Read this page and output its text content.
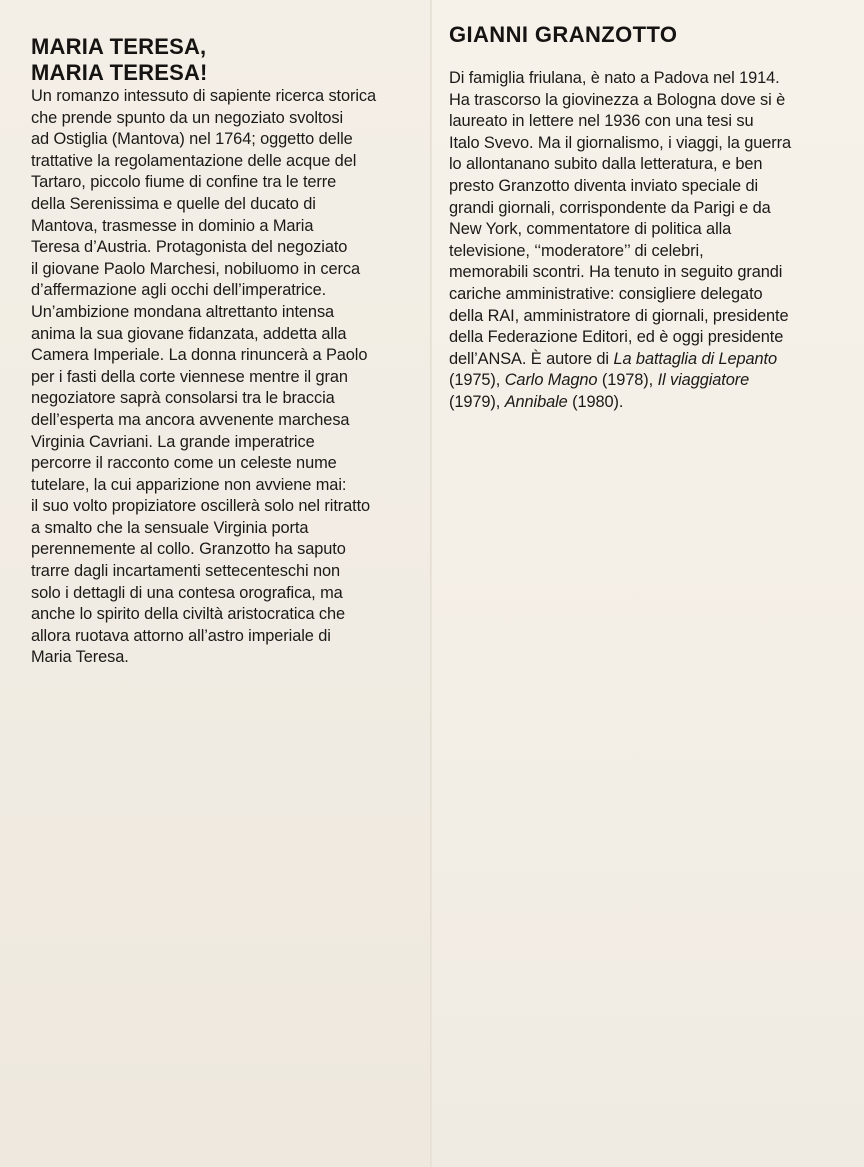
MARIA TERESA,
MARIA TERESA!

Un romanzo intessuto di sapiente ricerca storica
che prende spunto da un negoziato svoltosi
ad Ostiglia (Mantova) nel 1764; oggetto delle
trattative la regolamentazione delle acque del
Tartaro, piccolo fiume di confine tra le terre
della Serenissima e quelle del ducato di
Mantova, trasmesse in dominio a Maria
Teresa d’Austria. Protagonista del negoziato
il giovane Paolo Marchesi, nobiluomo in cerca
d’affermazione agli occhi dell’imperatrice.
Un’ambizione mondana altrettanto intensa
anima la sua giovane fidanzata, addetta alla
Camera Imperiale. La donna rinuncerà a Paolo
per i fasti della corte viennese mentre il gran
negoziatore saprà consolarsi tra le braccia
dell’esperta ma ancora avvenente marchesa
Virginia Cavriani. La grande imperatrice
percorre il racconto come un celeste nume
tutelare, la cui apparizione non avviene mai:
il suo volto propiziatore oscillerà solo nel ritratto
a smalto che la sensuale Virginia porta
perennemente al collo. Granzotto ha saputo
trarre dagli incartamenti settecenteschi non
solo i dettagli di una contesa orografica, ma
anche lo spirito della civiltà aristocratica che
allora ruotava attorno all’astro imperiale di
Maria Teresa.

GIANNI GRANZOTTO

Di famiglia friulana, è nato a Padova nel 1914.
Ha trascorso la giovinezza a Bologna dove si è
laureato in lettere nel 1936 con una tesi su
Italo Svevo. Ma il giornalismo, i viaggi, la guerra
lo allontanano subito dalla letteratura, e ben
presto Granzotto diventa inviato speciale di
grandi giornali, corrispondente da Parigi e da
New York, commentatore di politica alla
televisione, ‘‘moderatore’’ di celebri,
memorabili scontri. Ha tenuto in seguito grandi
cariche amministrative: consigliere delegato
della RAI, amministratore di giornali, presidente
della Federazione Editori, ed è oggi presidente
dell’ANSA. È autore di La battaglia di Lepanto
(1975), Carlo Magno (1978), Il viaggiatore
(1979), Annibale (1980).
